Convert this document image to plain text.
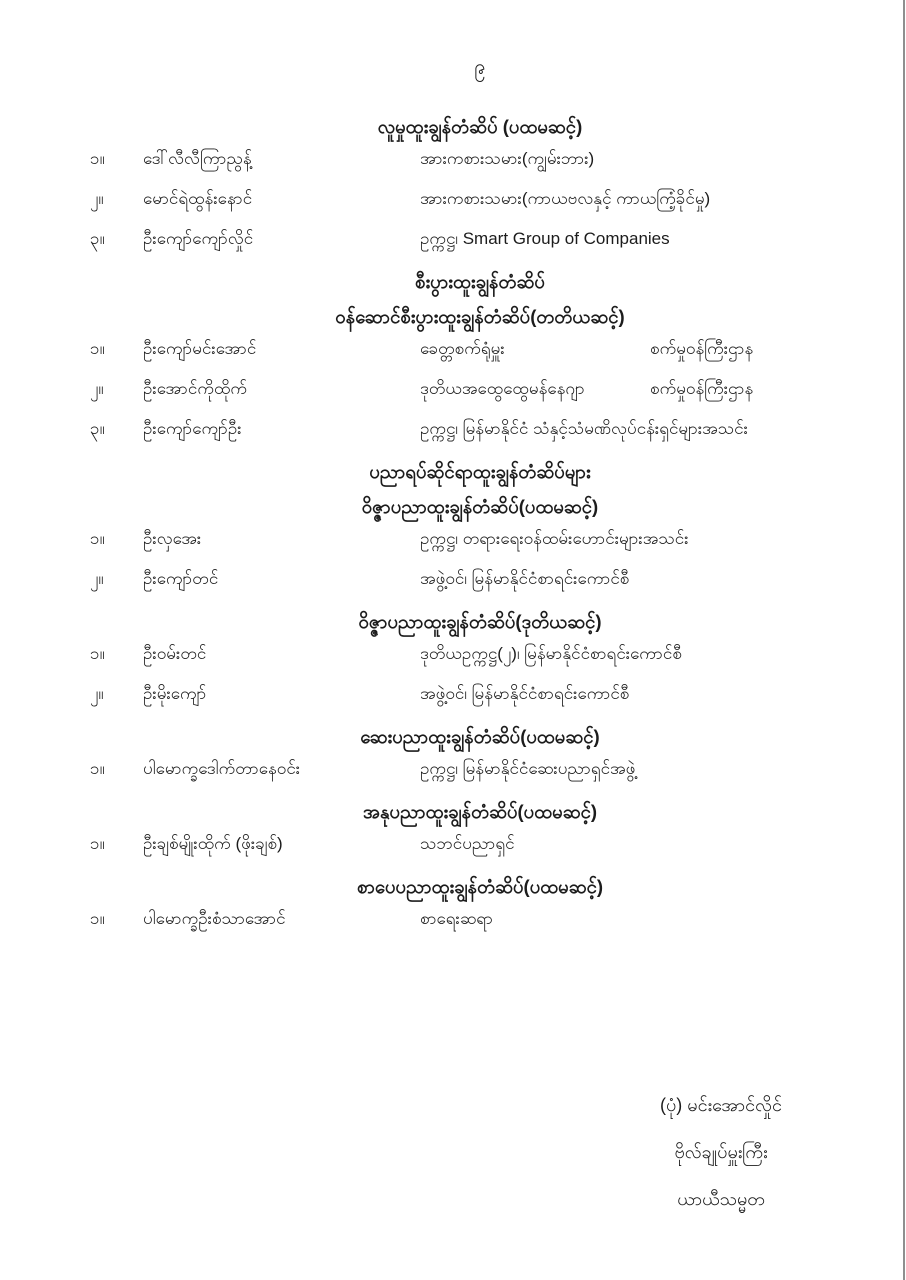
၉
လူမှုထူးချွန်တံဆိပ် (ပထမဆင့်)
၁။	ဒေါ်လီလီကြာညွန့်	အားကစားသမား(ကျွမ်းဘား)
၂။	မောင်ရဲထွန်းနောင်	အားကစားသမား(ကာယဗလနှင့် ကာယကြံ့ခိုင်မှု)
၃။	ဦးကျော်ကျော်လှိုင်	ဥက္ကဋ္ဌ၊ Smart Group of Companies
စီးပွားထူးချွန်တံဆိပ်
ဝန်ဆောင်စီးပွားထူးချွန်တံဆိပ်(တတိယဆင့်)
၁။	ဦးကျော်မင်းအောင်	ခေတ္တစက်ရုံမှူး	စက်မှုဝန်ကြီးဌာန
၂။	ဦးအောင်ကိုထိုက်	ဒုတိယအထွေထွေမန်နေဂျာ	စက်မှုဝန်ကြီးဌာန
၃။	ဦးကျော်ကျော်ဦး	ဥက္ကဋ္ဌ၊ မြန်မာနိုင်ငံ သံနှင့်သံမဏိလုပ်ငန်းရှင်များအသင်း
ပညာရပ်ဆိုင်ရာထူးချွန်တံဆိပ်များ
ဝိဇ္ဇာပညာထူးချွန်တံဆိပ်(ပထမဆင့်)
၁။	ဦးလှအေး	ဥက္ကဋ္ဌ၊ တရားရေးဝန်ထမ်းဟောင်းများအသင်း
၂။	ဦးကျော်တင်	အဖွဲ့ဝင်၊ မြန်မာနိုင်ငံစာရင်းကောင်စီ
ဝိဇ္ဇာပညာထူးချွန်တံဆိပ်(ဒုတိယဆင့်)
၁။	ဦးဝမ်းတင်	ဒုတိယဥက္ကဋ္ဌ(၂)၊ မြန်မာနိုင်ငံစာရင်းကောင်စီ
၂။	ဦးမိုးကျော်	အဖွဲ့ဝင်၊ မြန်မာနိုင်ငံစာရင်းကောင်စီ
ဆေးပညာထူးချွန်တံဆိပ်(ပထမဆင့်)
၁။	ပါမောက္ခဒေါက်တာနေဝင်း	ဥက္ကဋ္ဌ၊ မြန်မာနိုင်ငံဆေးပညာရှင်အဖွဲ့
အနုပညာထူးချွန်တံဆိပ်(ပထမဆင့်)
၁။	ဦးချစ်မျိုးထိုက် (ဖိုးချစ်)	သဘင်ပညာရှင်
စာပေပညာထူးချွန်တံဆိပ်(ပထမဆင့်)
၁။	ပါမောက္ခဦးစံသာအောင်	စာရေးဆရာ
(ပုံ) မင်းအောင်လှိုင်
ဗိုလ်ချုပ်မှူးကြီး
ယာယီသမ္မတ
